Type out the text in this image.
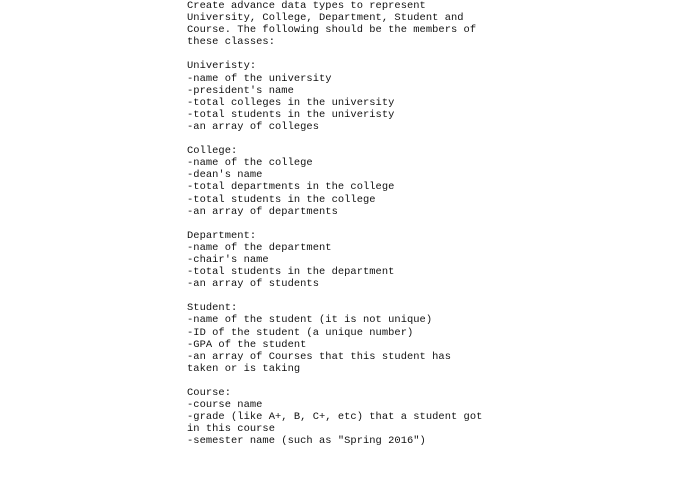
Create advance data types to represent
University, College, Department, Student and
Course. The following should be the members of
these classes:
Univeristy:
-name of the university
-president's name
-total colleges in the university
-total students in the univeristy
-an array of colleges
College:
-name of the college
-dean's name
-total departments in the college
-total students in the college
-an array of departments
Department:
-name of the department
-chair's name
-total students in the department
-an array of students
Student:
-name of the student (it is not unique)
-ID of the student (a unique number)
-GPA of the student
-an array of Courses that this student has
taken or is taking
Course:
-course name
-grade (like A+, B, C+, etc) that a student got
in this course
-semester name (such as "Spring 2016")
